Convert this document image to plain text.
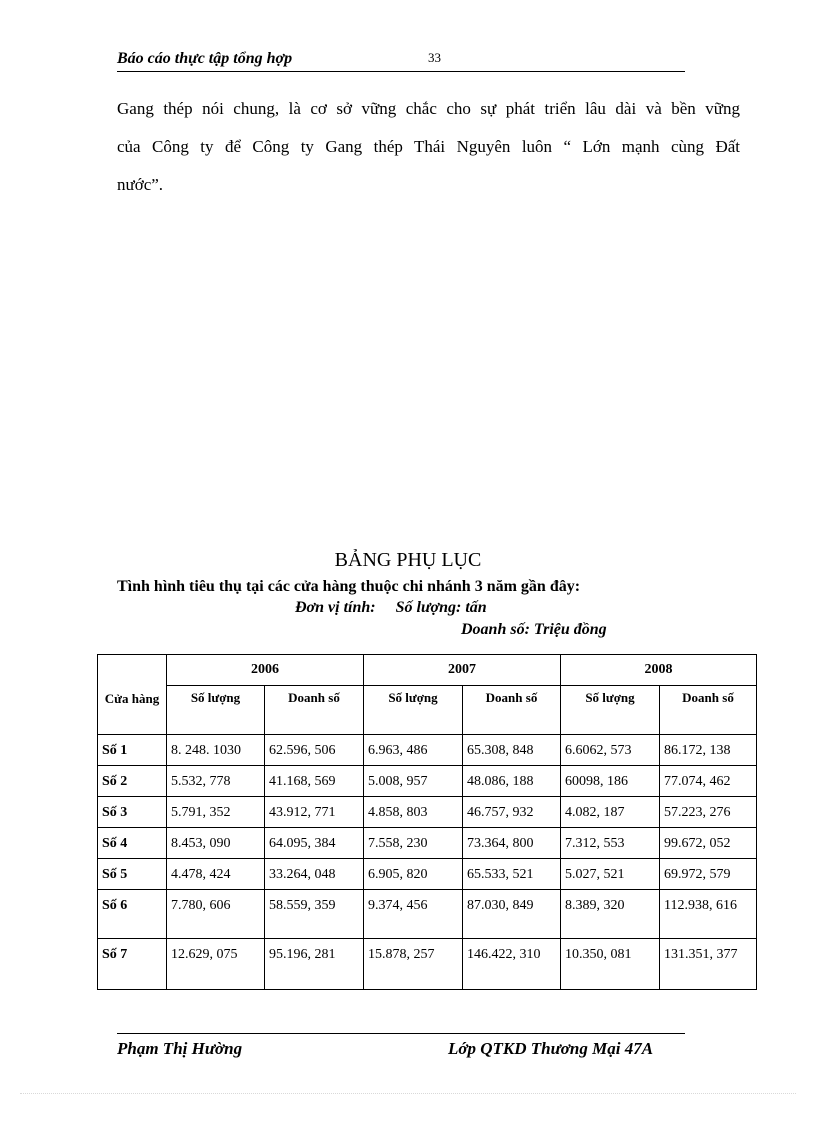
Báo cáo thực tập tổng hợp	33
Gang thép nói chung, là cơ sở vững chắc cho sự phát triển lâu dài và bền vững
của Công ty để Công ty Gang thép Thái Nguyên luôn “ Lớn mạnh cùng Đất
nước”.
BẢNG PHỤ LỤC
Tình hình tiêu thụ tại các cửa hàng thuộc chi nhánh 3 năm gần đây:
Đơn vị tính: Số lượng: tấn
Doanh số: Triệu đồng
Cửa hàng	2006		2007		2008	
	Số lượng	Doanh số	Số lượng	Doanh số	Số lượng	Doanh số
Số 1	8. 248. 1030	62.596, 506	6.963, 486	65.308, 848	6.6062, 573	86.172, 138
Số 2	5.532, 778	41.168, 569	5.008, 957	48.086, 188	60098, 186	77.074, 462
Số 3	5.791, 352	43.912, 771	4.858, 803	46.757, 932	4.082, 187	57.223, 276
Số 4	8.453, 090	64.095, 384	7.558, 230	73.364, 800	7.312, 553	99.672, 052
Số 5	4.478, 424	33.264, 048	6.905, 820	65.533, 521	5.027, 521	69.972, 579
Số 6	7.780, 606	58.559, 359	9.374, 456	87.030, 849	8.389, 320	112.938, 616
Số 7	12.629, 075	95.196, 281	15.878, 257	146.422, 310	10.350, 081	131.351, 377
Phạm Thị Hường	Lớp QTKD Thương Mại 47A
